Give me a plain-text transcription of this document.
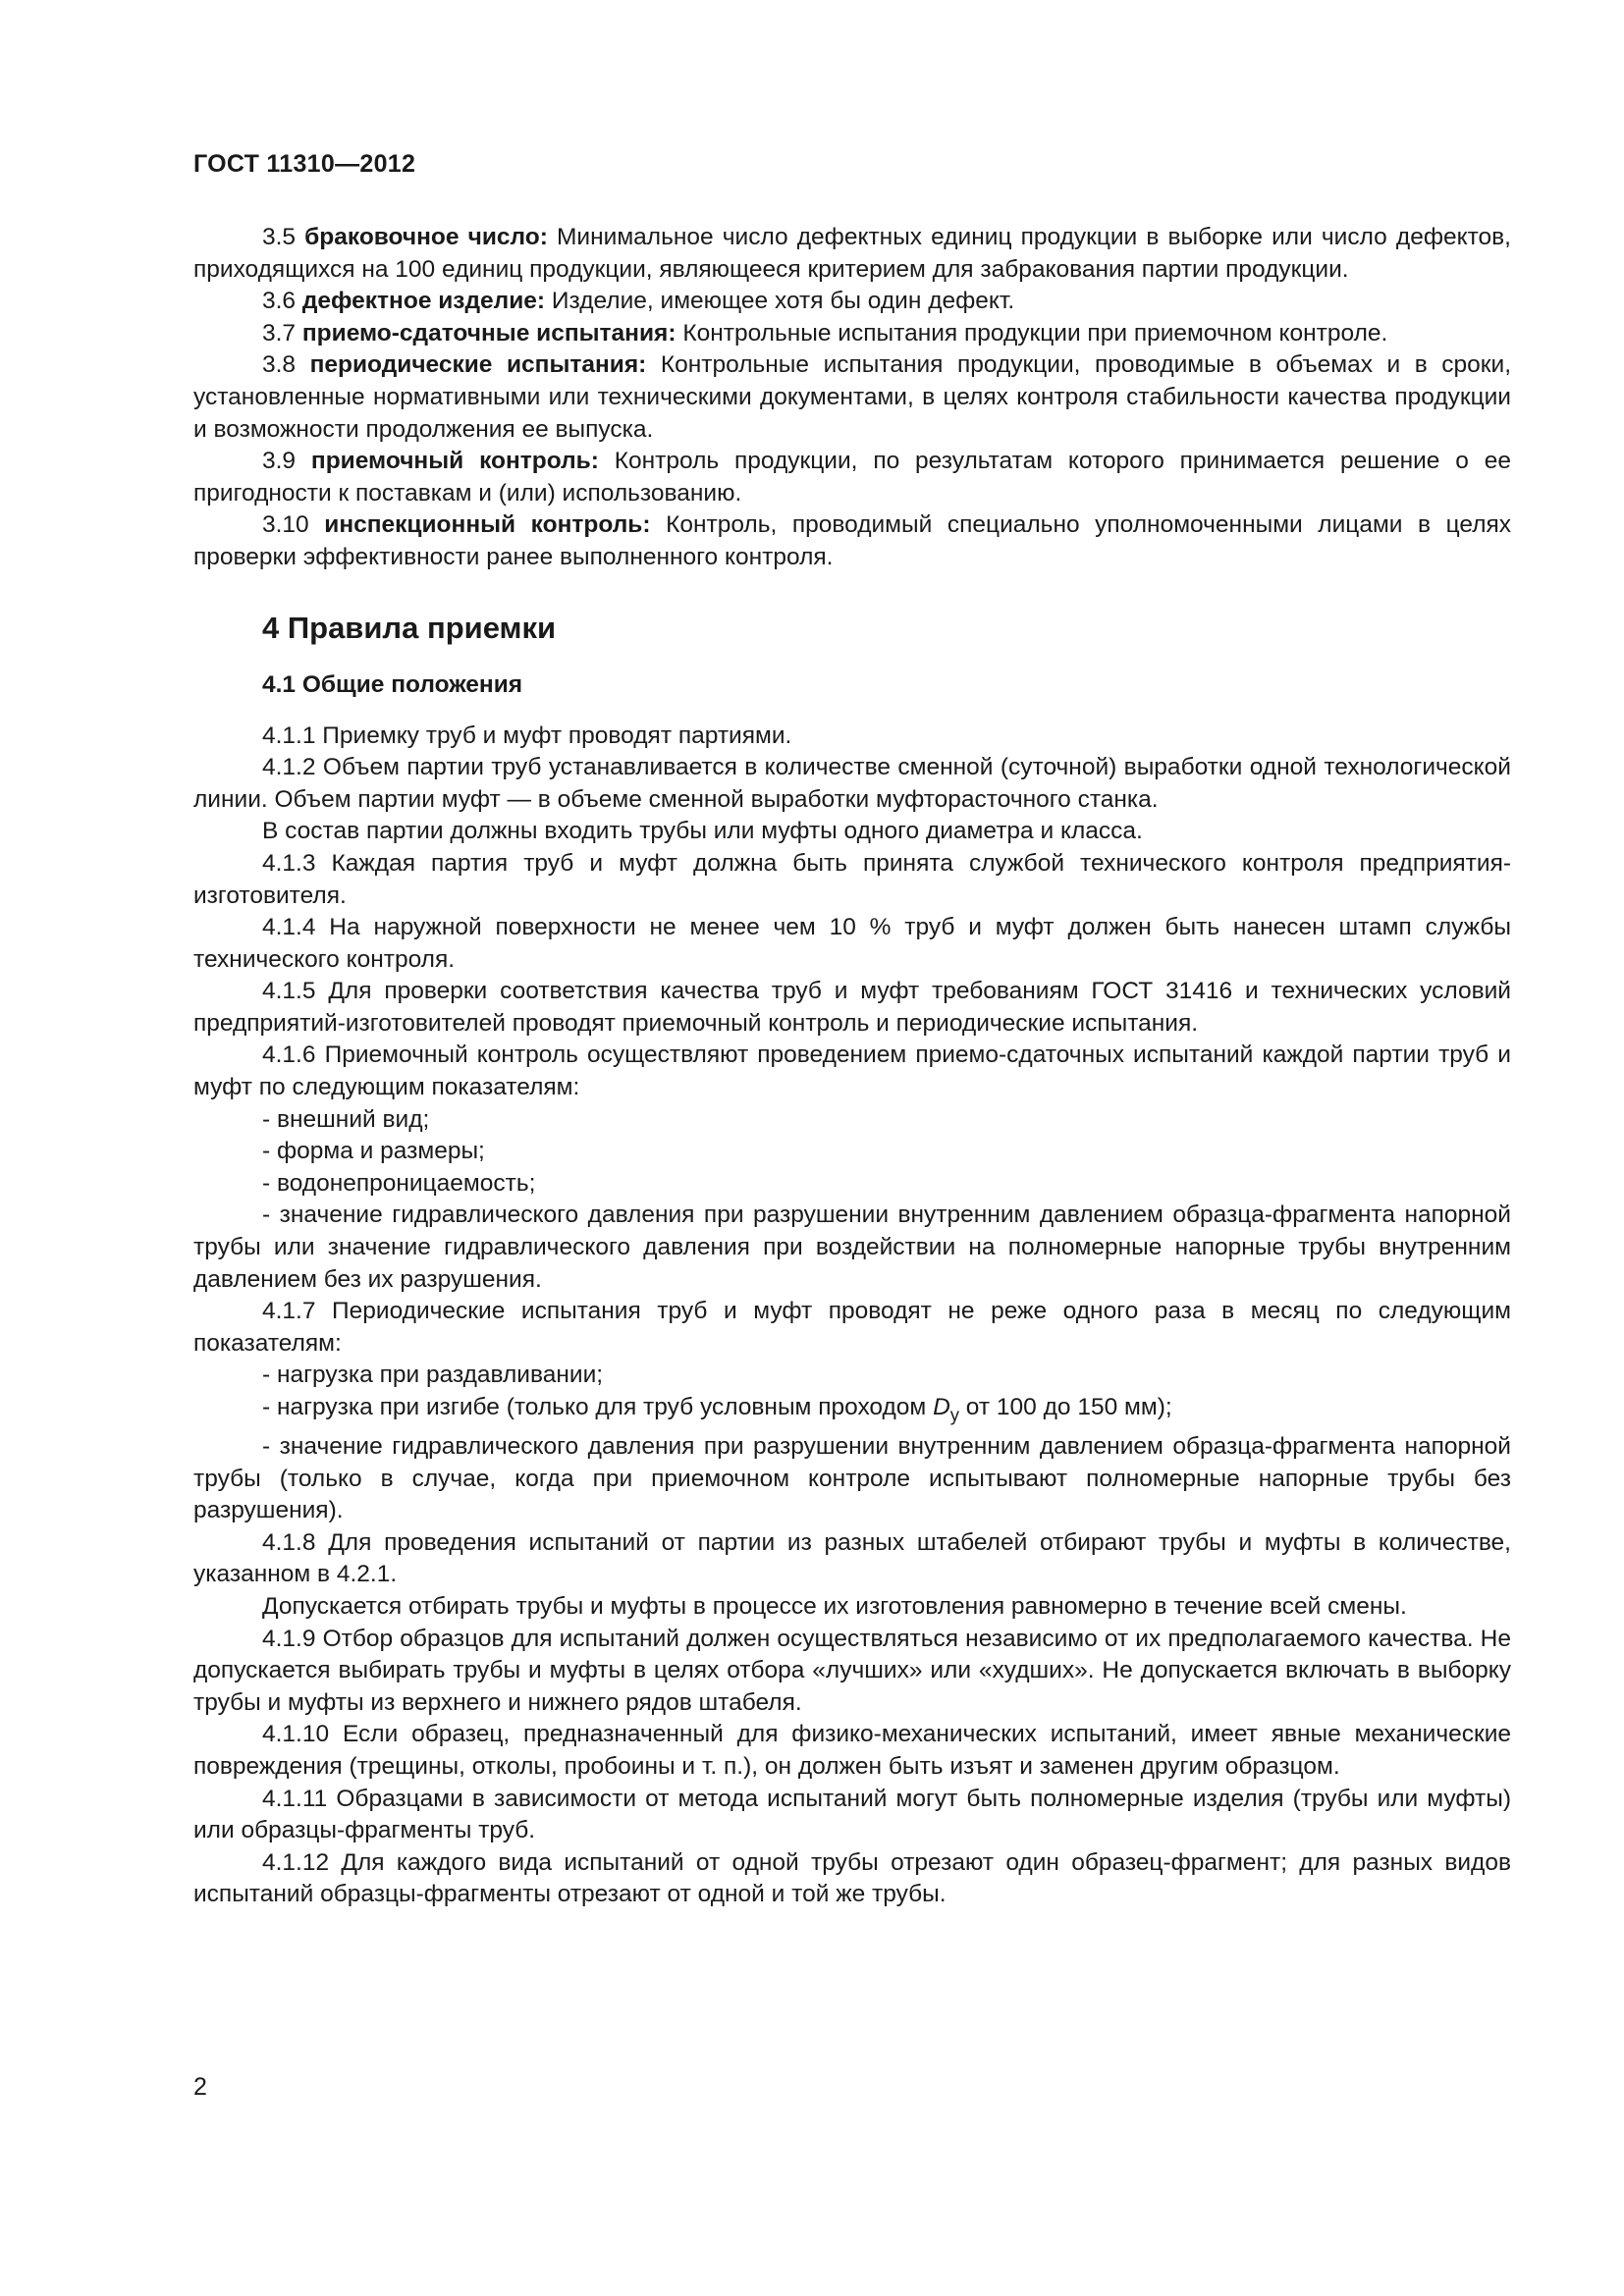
ГОСТ 11310—2012

3.5 браковочное число: Минимальное число дефектных единиц продукции в выборке или число дефектов, приходящихся на 100 единиц продукции, являющееся критерием для забракования партии продукции.

3.6 дефектное изделие: Изделие, имеющее хотя бы один дефект.

3.7 приемо-сдаточные испытания: Контрольные испытания продукции при приемочном контроле.

3.8 периодические испытания: Контрольные испытания продукции, проводимые в объемах и в сроки, установленные нормативными или техническими документами, в целях контроля стабильности качества продукции и возможности продолжения ее выпуска.

3.9 приемочный контроль: Контроль продукции, по результатам которого принимается решение о ее пригодности к поставкам и (или) использованию.

3.10 инспекционный контроль: Контроль, проводимый специально уполномоченными лицами в целях проверки эффективности ранее выполненного контроля.

4 Правила приемки
4.1 Общие положения

4.1.1 Приемку труб и муфт проводят партиями.

4.1.2 Объем партии труб устанавливается в количестве сменной (суточной) выработки одной технологической линии. Объем партии муфт — в объеме сменной выработки муфторасточного станка.

В состав партии должны входить трубы или муфты одного диаметра и класса.

4.1.3 Каждая партия труб и муфт должна быть принята службой технического контроля предприятия-изготовителя.

4.1.4 На наружной поверхности не менее чем 10 % труб и муфт должен быть нанесен штамп службы технического контроля.

4.1.5 Для проверки соответствия качества труб и муфт требованиям ГОСТ 31416 и технических условий предприятий-изготовителей проводят приемочный контроль и периодические испытания.

4.1.6 Приемочный контроль осуществляют проведением приемо-сдаточных испытаний каждой партии труб и муфт по следующим показателям:

- внешний вид;

- форма и размеры;

- водонепроницаемость;

- значение гидравлического давления при разрушении внутренним давлением образца-фрагмента напорной трубы или значение гидравлического давления при воздействии на полномерные напорные трубы внутренним давлением без их разрушения.

4.1.7 Периодические испытания труб и муфт проводят не реже одного раза в месяц по следующим показателям:

- нагрузка при раздавливании;

- нагрузка при изгибе (только для труб условным проходом $D_у$ от 100 до 150 мм);

- значение гидравлического давления при разрушении внутренним давлением образца-фрагмента напорной трубы (только в случае, когда при приемочном контроле испытывают полномерные напорные трубы без разрушения).

4.1.8 Для проведения испытаний от партии из разных штабелей отбирают трубы и муфты в количестве, указанном в 4.2.1.

Допускается отбирать трубы и муфты в процессе их изготовления равномерно в течение всей смены.

4.1.9 Отбор образцов для испытаний должен осуществляться независимо от их предполагаемого качества. Не допускается выбирать трубы и муфты в целях отбора «лучших» или «худших». Не допускается включать в выборку трубы и муфты из верхнего и нижнего рядов штабеля.

4.1.10 Если образец, предназначенный для физико-механических испытаний, имеет явные механические повреждения (трещины, отколы, пробоины и т. п.), он должен быть изъят и заменен другим образцом.

4.1.11 Образцами в зависимости от метода испытаний могут быть полномерные изделия (трубы или муфты) или образцы-фрагменты труб.

4.1.12 Для каждого вида испытаний от одной трубы отрезают один образец-фрагмент; для разных видов испытаний образцы-фрагменты отрезают от одной и той же трубы.

2
